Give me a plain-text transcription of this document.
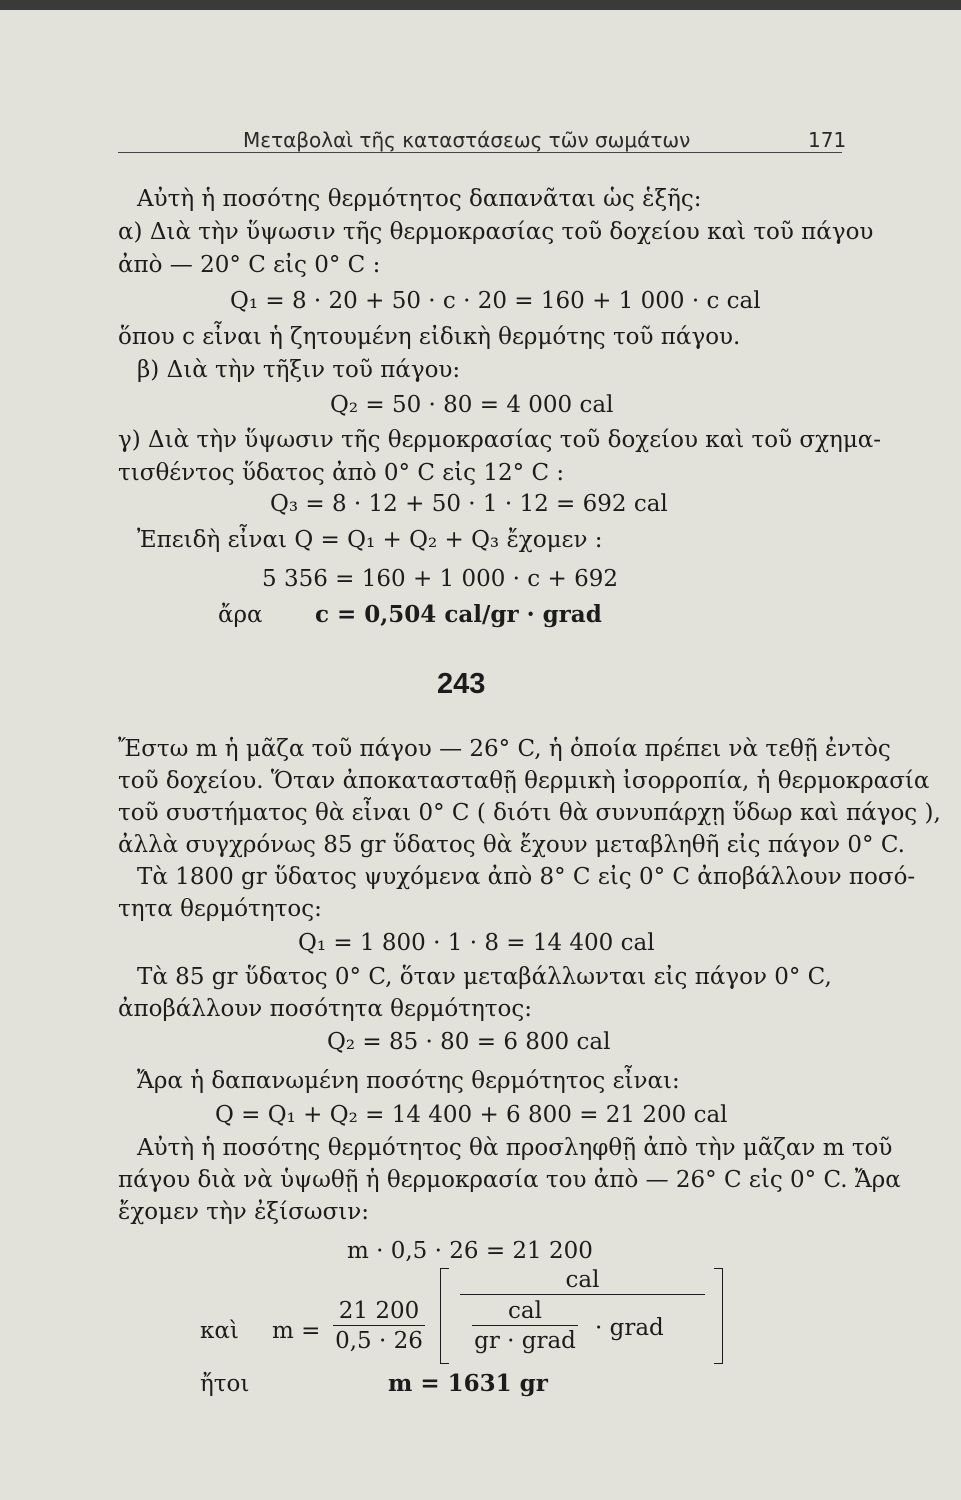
Μεταβολαὶ τῆς καταστάσεως τῶν σωμάτων	171
Αὐτὴ ἡ ποσότης θερμότητος δαπανᾶται ὡς ἑξῆς:
α) Διὰ τὴν ὕψωσιν τῆς θερμοκρασίας τοῦ δοχείου καὶ τοῦ πάγου
ἀπὸ — 20° C εἰς 0° C :
Q₁ = 8 · 20 + 50 · c · 20 = 160 + 1 000 · c cal
ὅπου c εἶναι ἡ ζητουμένη εἰδικὴ θερμότης τοῦ πάγου.
β) Διὰ τὴν τῆξιν τοῦ πάγου:
Q₂ = 50 · 80 = 4 000 cal
γ) Διὰ τὴν ὕψωσιν τῆς θερμοκρασίας τοῦ δοχείου καὶ τοῦ σχημα-
τισθέντος ὕδατος ἀπὸ 0° C εἰς 12° C :
Q₃ = 8 · 12 + 50 · 1 · 12 = 692 cal
Ἐπειδὴ εἶναι Q = Q₁ + Q₂ + Q₃ ἔχομεν :
5 356 = 160 + 1 000 · c + 692
ἄρα c = 0,504 cal/gr · grad
243
Ἔστω m ἡ μᾶζα τοῦ πάγου — 26° C, ἡ ὁποία πρέπει νὰ τεθῇ ἐντὸς
τοῦ δοχείου. Ὅταν ἀποκατασταθῇ θερμικὴ ἰσορροπία, ἡ θερμοκρασία
τοῦ συστήματος θὰ εἶναι 0° C ( διότι θὰ συνυπάρχῃ ὕδωρ καὶ πάγος ),
ἀλλὰ συγχρόνως 85 gr ὕδατος θὰ ἔχουν μεταβληθῆ εἰς πάγον 0° C.
Τὰ 1800 gr ὕδατος ψυχόμενα ἀπὸ 8° C εἰς 0° C ἀποβάλλουν ποσό-
τητα θερμότητος:
Q₁ = 1 800 · 1 · 8 = 14 400 cal
Τὰ 85 gr ὕδατος 0° C, ὅταν μεταβάλλωνται εἰς πάγον 0° C,
ἀποβάλλουν ποσότητα θερμότητος:
Q₂ = 85 · 80 = 6 800 cal
Ἄρα ἡ δαπανωμένη ποσότης θερμότητος εἶναι:
Q = Q₁ + Q₂ = 14 400 + 6 800 = 21 200 cal
Αὐτὴ ἡ ποσότης θερμότητος θὰ προσληφθῇ ἀπὸ τὴν μᾶζαν m τοῦ
πάγου διὰ νὰ ὑψωθῇ ἡ θερμοκρασία του ἀπὸ — 26° C εἰς 0° C. Ἄρα
ἔχομεν τὴν ἐξίσωσιν:
m · 0,5 · 26 = 21 200
καὶ m =
21 200
0,5 · 26
cal
cal
gr · grad · grad
ἤτοι	m = 1631 gr
